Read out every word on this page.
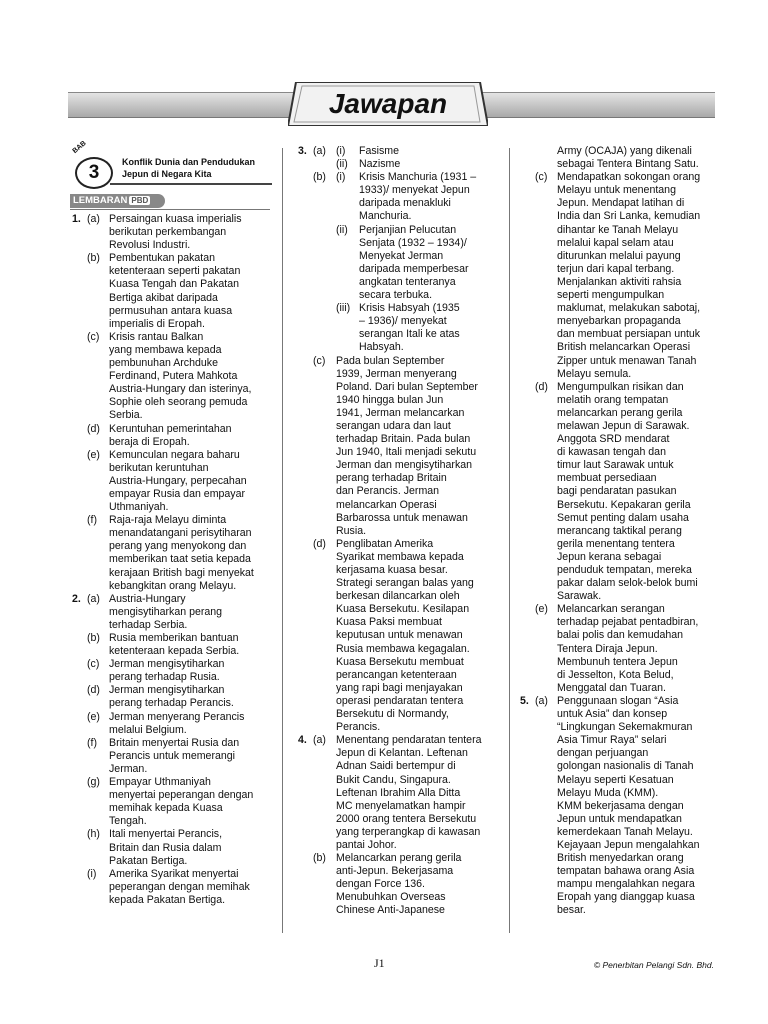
Jawapan
BAB
3	Konflik Dunia dan Pendudukan Jepun di Negara Kita
LEMBARAN PBD
1. (a) Persaingan kuasa imperialis
berikutan perkembangan
Revolusi Industri.
(b) Pembentukan pakatan
ketenteraan seperti pakatan
Kuasa Tengah dan Pakatan
Bertiga akibat daripada
permusuhan antara kuasa
imperialis di Eropah.
(c) Krisis rantau Balkan
yang membawa kepada
pembunuhan Archduke
Ferdinand, Putera Mahkota
Austria-Hungary dan isterinya,
Sophie oleh seorang pemuda
Serbia.
(d) Keruntuhan pemerintahan
beraja di Eropah.
(e) Kemunculan negara baharu
berikutan keruntuhan
Austria-Hungary, perpecahan
empayar Rusia dan empayar
Uthmaniyah.
(f)	Raja-raja Melayu diminta
menandatangani perisytiharan
perang yang menyokong dan
memberikan taat setia kepada
kerajaan British bagi menyekat
kebangkitan orang Melayu.
2. (a) Austria-Hungary
mengisytiharkan perang
terhadap Serbia.
(b) Rusia memberikan bantuan
ketenteraan kepada Serbia.
(c) Jerman mengisytiharkan
perang terhadap Rusia.
(d) Jerman mengisytiharkan
perang terhadap Perancis.
(e) Jerman menyerang Perancis
melalui Belgium.
(f)	Britain menyertai Rusia dan
Perancis untuk memerangi
Jerman.
(g) Empayar Uthmaniyah
menyertai peperangan dengan
memihak kepada Kuasa
Tengah.
(h) Itali menyertai Perancis,
Britain dan Rusia dalam
Pakatan Bertiga.
(i)	Amerika Syarikat menyertai
peperangan dengan memihak
kepada Pakatan Bertiga.
3. (a) (i)	Fasisme
(ii)	Nazisme
(b) (i)	Krisis Manchuria (1931 –
1933)/ menyekat Jepun
daripada menakluki
Manchuria.
(ii)	Perjanjian Pelucutan
Senjata (1932 – 1934)/
Menyekat Jerman
daripada memperbesar
angkatan tenteranya
secara terbuka.
(iii) Krisis Habsyah (1935
– 1936)/ menyekat
serangan Itali ke atas
Habsyah.
(c)	Pada bulan September
1939, Jerman menyerang
Poland. Dari bulan September
1940 hingga bulan Jun
1941, Jerman melancarkan
serangan udara dan laut
terhadap Britain. Pada bulan
Jun 1940, Itali menjadi sekutu
Jerman dan mengisytiharkan
perang terhadap Britain
dan Perancis. Jerman
melancarkan Operasi
Barbarossa untuk menawan
Rusia.
(d) Penglibatan Amerika
Syarikat membawa kepada
kerjasama kuasa besar.
Strategi serangan balas yang
berkesan dilancarkan oleh
Kuasa Bersekutu. Kesilapan
Kuasa Paksi membuat
keputusan untuk menawan
Rusia membawa kegagalan.
Kuasa Bersekutu membuat
perancangan ketenteraan
yang rapi bagi menjayakan
operasi pendaratan tentera
Bersekutu di Normandy,
Perancis.
4. (a) Menentang pendaratan tentera
Jepun di Kelantan. Leftenan
Adnan Saidi bertempur di
Bukit Candu, Singapura.
Leftenan Ibrahim Alla Ditta
MC menyelamatkan hampir
2000 orang tentera Bersekutu
yang terperangkap di kawasan
pantai Johor.
(b) Melancarkan perang gerila
anti-Jepun. Bekerjasama
dengan Force 136.
Menubuhkan Overseas
Chinese Anti-Japanese
Army (OCAJA) yang dikenali
sebagai Tentera Bintang Satu.
(c) Mendapatkan sokongan orang
Melayu untuk menentang
Jepun. Mendapat latihan di
India dan Sri Lanka, kemudian
dihantar ke Tanah Melayu
melalui kapal selam atau
diturunkan melalui payung
terjun dari kapal terbang.
Menjalankan aktiviti rahsia
seperti mengumpulkan
maklumat, melakukan sabotaj,
menyebarkan propaganda
dan membuat persiapan untuk
British melancarkan Operasi
Zipper untuk menawan Tanah
Melayu semula.
(d) Mengumpulkan risikan dan
melatih orang tempatan
melancarkan perang gerila
melawan Jepun di Sarawak.
Anggota SRD mendarat
di kawasan tengah dan
timur laut Sarawak untuk
membuat persediaan
bagi pendaratan pasukan
Bersekutu. Kepakaran gerila
Semut penting dalam usaha
merancang taktikal perang
gerila menentang tentera
Jepun kerana sebagai
penduduk tempatan, mereka
pakar dalam selok-belok bumi
Sarawak.
(e) Melancarkan serangan
terhadap pejabat pentadbiran,
balai polis dan kemudahan
Tentera Diraja Jepun.
Membunuh tentera Jepun
di Jesselton, Kota Belud,
Menggatal dan Tuaran.
5. (a) Penggunaan slogan “Asia
untuk Asia” dan konsep
“Lingkungan Sekemakmuran
Asia Timur Raya” selari
dengan perjuangan
golongan nasionalis di Tanah
Melayu seperti Kesatuan
Melayu Muda (KMM).
KMM bekerjasama dengan
Jepun untuk mendapatkan
kemerdekaan Tanah Melayu.
Kejayaan Jepun mengalahkan
British menyedarkan orang
tempatan bahawa orang Asia
mampu mengalahkan negara
Eropah yang dianggap kuasa
besar.
J1	© Penerbitan Pelangi Sdn. Bhd.
